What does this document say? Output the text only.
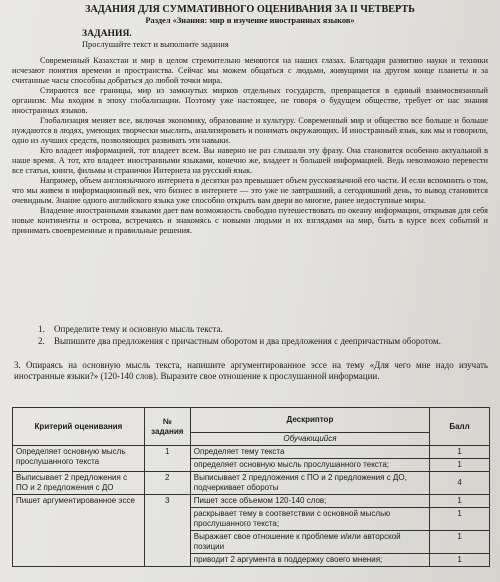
ЗАДАНИЯ ДЛЯ СУММАТИВНОГО ОЦЕНИВАНИЯ ЗА II ЧЕТВЕРТЬ
Раздел «Знания: мир и изучение иностранных языков»
ЗАДАНИЯ.
Прослушайте текст и выполните задания

Современный Казахстан и мир в целом стремительно меняются на наших глазах. Благодаря развитию науки и техники исчезают понятия времени и пространства. Сейчас мы можем общаться с людьми, живущими на другом конце планеты и за считанные часы способны добраться до любой точки мира.

Стираются все границы, мир из замкнутых мирков отдельных государств, превращается в единый взаимосвязанный организм. Мы входим в эпоху глобализации. Поэтому уже настоящее, не говоря о будущем обществе, требует от нас знания иностранных языков.

Глобализация меняет все, включая экономику, образование и культуру. Современный мир и общество все больше и больше нуждаются в людях, умеющих творчески мыслить, анализировать и понимать окружающих. И иностранный язык, как мы и говорили, одно из лучших средств, позволяющих развивать эти навыки.

Кто владеет информацией, тот владеет всем. Вы наверно не раз слышали эту фразу. Она становится особенно актуальной в наше время. А тот, кто владеет иностранными языками, конечно же, владеет и большей информацией. Ведь невозможно перевести все статьи, книги, фильмы и странички Интернета на русский язык.

Например, объем англоязычного интернета в десятки раз превышает объем русскоязычной его части. И если вспомнить о том, что мы живем в информационный век, что бизнес в интернете — это уже не завтрашний, а сегодняшний день, то вывод становится очевидным. Знание одного английского языка уже способно открыть вам двери во многие, ранее недоступные миры.

Владение иностранными языками дает вам возможность свободно путешествовать по океану информации, открывая для себя новые континенты и острова, встречаясь и знакомясь с новыми людьми и их взглядами на мир, быть в курсе всех событий и принимать своевременные и правильные решения.

1. Определите тему и основную мысль текста.
2. Выпишите два предложения с причастным оборотом и два предложения с деепричастным оборотом.
3. Опираясь на основную мысль текста, напишите аргументированное эссе на тему «Для чего мне надо изучать иностранные языки?» (120-140 слов). Выразите свое отношение к прослушанной информации.
Критерий оценивания	№ задания	Дескриптор	Балл
		Обучающийся	
Определяет основную мысль прослушанного текста	1	Определяет тему текста	1
		определяет основную мысль прослушанного текста;	1
Выписывает 2 предложения с ПО и 2 предложения с ДО	2	Выписывает 2 предложения с ПО и 2 предложения с ДО, подчеркивает обороты	4
Пишет аргументированное эссе	3	Пишет эссе объемом 120-140 слов;	1
		раскрывает тему в соответствии с основной мыслью прослушанного текста;	1
		Выражает свое отношение к проблеме и/или авторской позиции	1
		приводит 2 аргумента в поддержку своего мнения;	1
